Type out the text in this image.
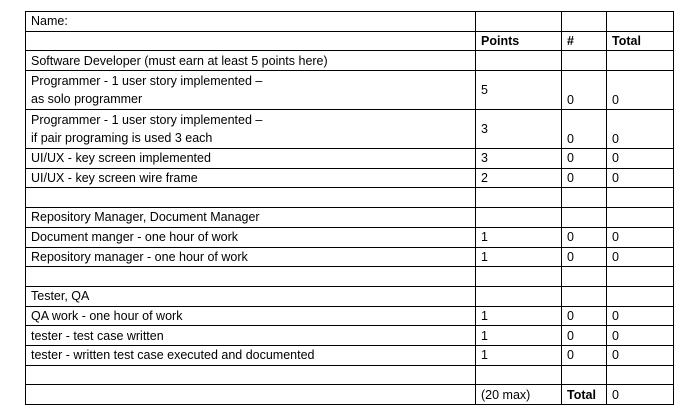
Name:			
	Points	#	Total
Software Developer (must earn at least 5 points here)			

Programmer - 1 user story implemented –
as solo programmer	5	0	0

Programmer - 1 user story implemented –
if pair programing is used 3 each	3	0	0
UI/UX - key screen implemented	3	0	0
UI/UX - key screen wire frame	2	0	0

Repository Manager, Document Manager			
Document manger - one hour of work	1	0	0
Repository manager - one hour of work	1	0	0

Tester, QA			
QA work - one hour of work	1	0	0
tester - test case written	1	0	0
tester - written test case executed and documented	1	0	0

	(20 max)	Total	0
